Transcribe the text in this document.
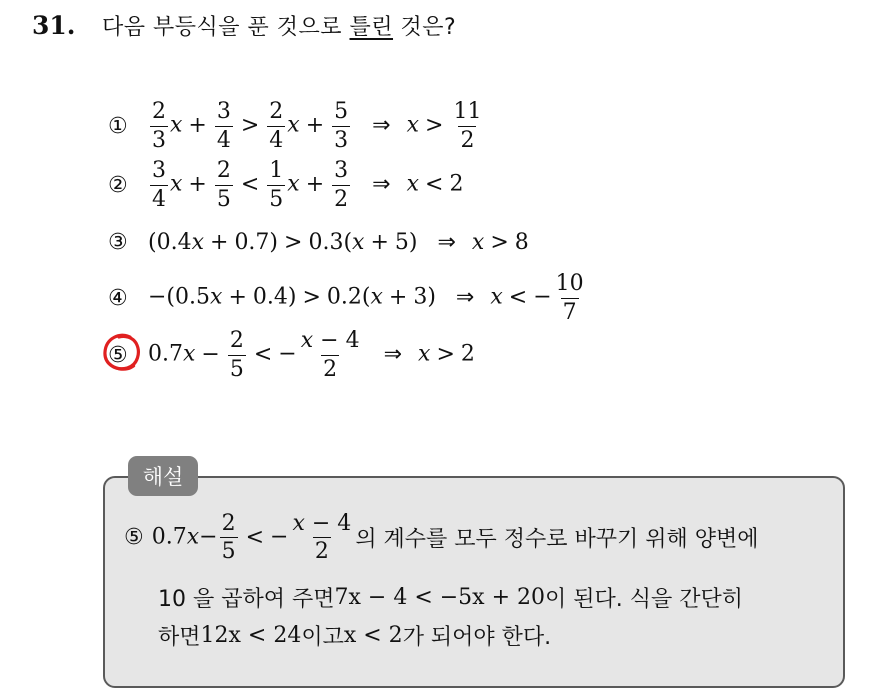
31.	다음 부등식을 푼 것으로 틀린 것은?
①	$\frac{2}{3}$ $x + \frac{3}{4} > \frac{2}{4}$ $x + \frac{5}{3}$ ⇒ $x > \frac{11}{2}$
②	$\frac{3}{4}$ $x + \frac{2}{5} < \frac{1}{5}$ $x + \frac{3}{2}$ ⇒ x < 2
③ (0.4x + 0.7) > 0.3(x + 5) ⇒ x > 8
④ −(0.5x + 0.4) > 0.2(x + 3) ⇒ x < − $\frac{10}{7}$
⑤ $0.7x - \frac{2}{5}$ < − $\frac{x - 4}{2}$ ⇒ x > 2
해설
⑤ $0.7x- \frac{2}{5}$ < − $\frac{x - 4}{2}$ 의 계수를 모두 정수로 바꾸기 위해 양변에
10 을 곱하여 주면 7x − 4 < −5x + 20 이 된다. 식을 간단히
하면 12x < 24 이고 x < 2 가 되어야 한다.
